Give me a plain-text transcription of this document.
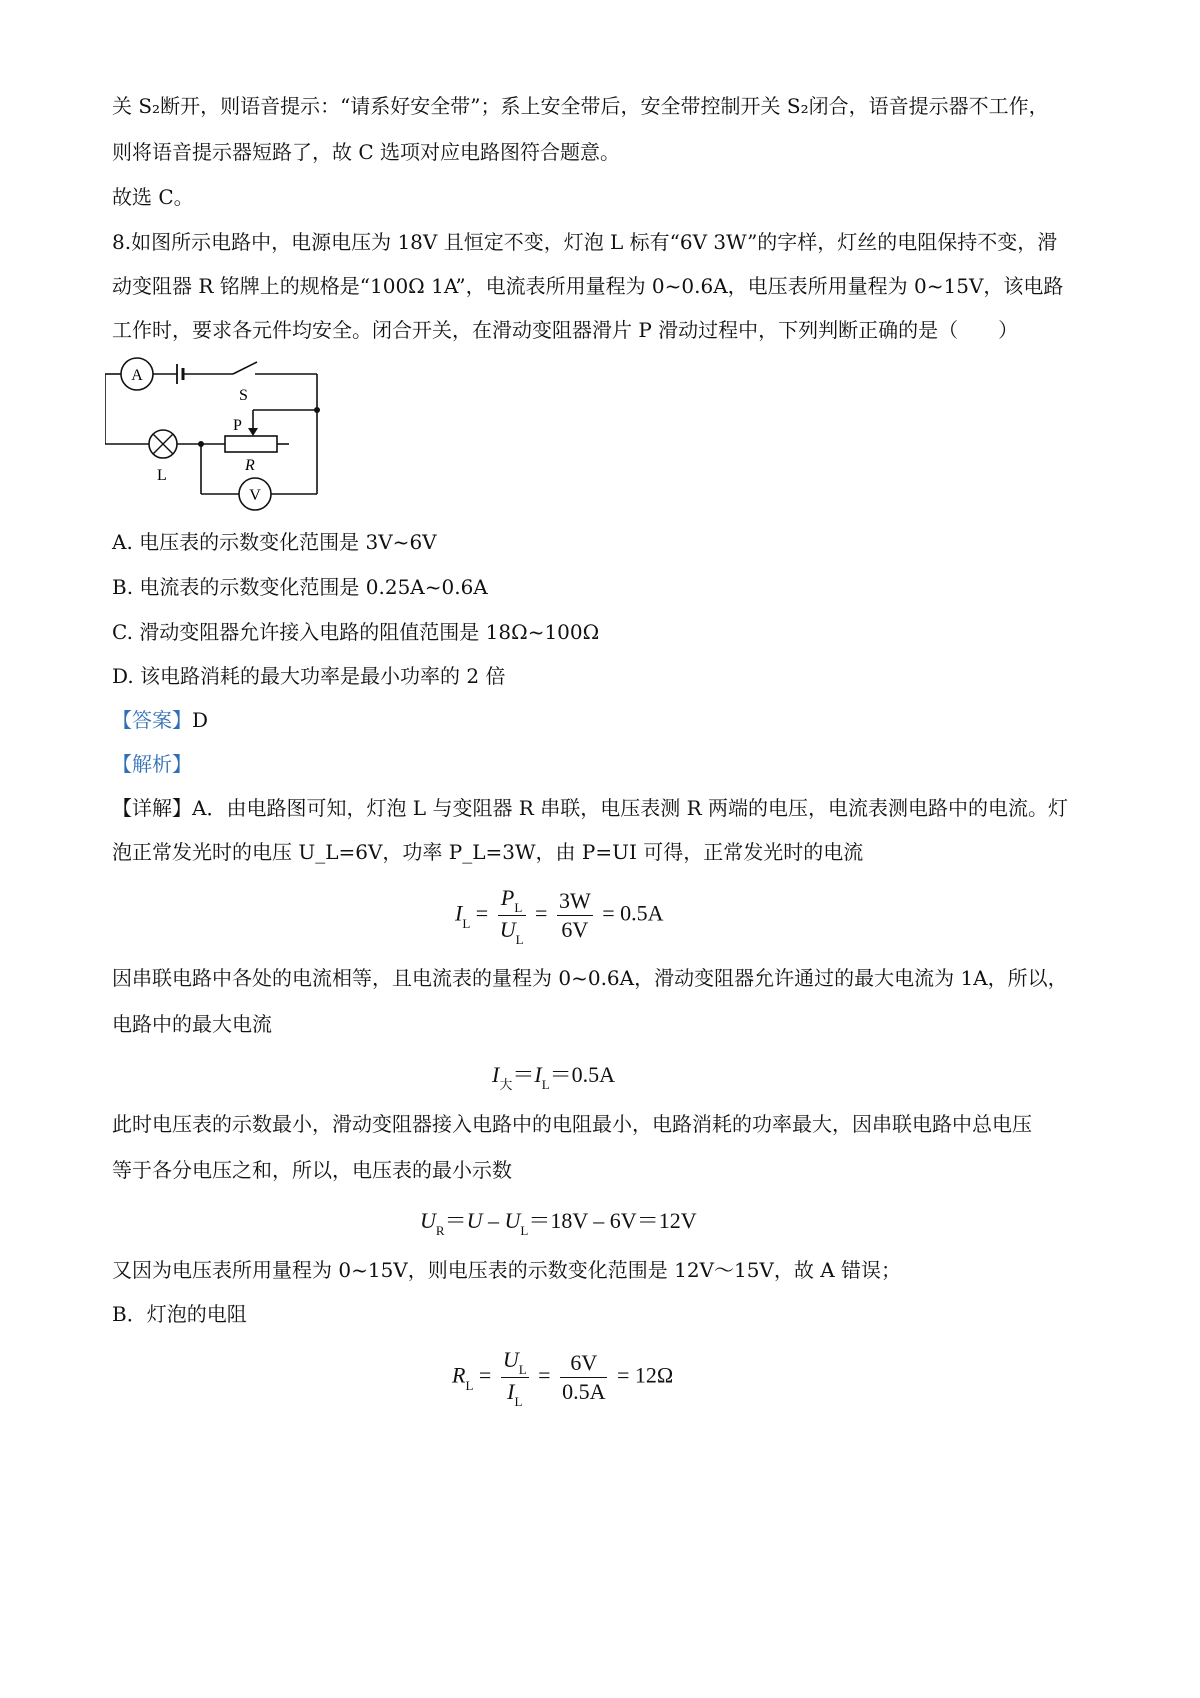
关 S₂断开，则语音提示：“请系好安全带”；系上安全带后，安全带控制开关 S₂闭合，语音提示器不工作，
则将语音提示器短路了，故 C 选项对应电路图符合题意。
故选 C。
8.如图所示电路中，电源电压为 18V 且恒定不变，灯泡 L 标有“6V 3W”的字样，灯丝的电阻保持不变，滑
动变阻器 R 铭牌上的规格是“100Ω 1A”，电流表所用量程为 0~0.6A，电压表所用量程为 0~15V，该电路
工作时，要求各元件均安全。闭合开关，在滑动变阻器滑片 P 滑动过程中，下列判断正确的是（　　）
A
L
S
P
R
V
A. 电压表的示数变化范围是 3V~6V
B. 电流表的示数变化范围是 0.25A~0.6A
C. 滑动变阻器允许接入电路的阻值范围是 18Ω~100Ω
D. 该电路消耗的最大功率是最小功率的 2 倍
【答案】D
【解析】
【详解】A．由电路图可知，灯泡 L 与变阻器 R 串联，电压表测 R 两端的电压，电流表测电路中的电流。灯
泡正常发光时的电压 U_L=6V，功率 P_L=3W，由 P=UI 可得，正常发光时的电流
$I_L = \frac{P_L}{U_L} = \frac{3W}{6V} = 0.5A$
因串联电路中各处的电流相等，且电流表的量程为 0~0.6A，滑动变阻器允许通过的最大电流为 1A，所以，
电路中的最大电流
$I_大=I_L=0.5A$
此时电压表的示数最小，滑动变阻器接入电路中的电阻最小，电路消耗的功率最大，因串联电路中总电压
等于各分电压之和，所以，电压表的最小示数
$U_R=U - U_L=18V - 6V=12V$
又因为电压表所用量程为 0~15V，则电压表的示数变化范围是 12V～15V，故 A 错误；
B．灯泡的电阻
$R_L = \frac{U_L}{I_L} = \frac{6V}{0.5A} = 12\Omega$
